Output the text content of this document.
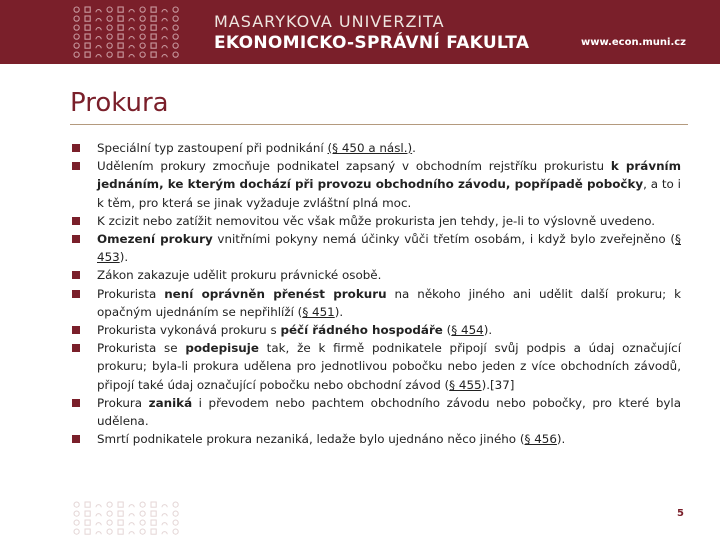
MASARYKOVA UNIVERZITA
EKONOMICKO-SPRÁVNÍ FAKULTA	www.econ.muni.cz
Prokura
Speciální typ zastoupení při podnikání (§ 450 a násl.).
Udělením prokury zmocňuje podnikatel zapsaný v obchodním rejstříku prokuristu k právním jednáním, ke kterým dochází při provozu obchodního závodu, popřípadě pobočky, a to i k těm, pro která se jinak vyžaduje zvláštní plná moc.
K zcizit nebo zatížit nemovitou věc však může prokurista jen tehdy, je-li to výslovně uvedeno.
Omezení prokury vnitřními pokyny nemá účinky vůči třetím osobám, i když bylo zveřejněno (§ 453).
Zákon zakazuje udělit prokuru právnické osobě.
Prokurista není oprávněn přenést prokuru na někoho jiného ani udělit další prokuru; k opačným ujednáním se nepřihlíží (§ 451).
Prokurista vykonává prokuru s péčí řádného hospodáře (§ 454).
Prokurista se podepisuje tak, že k firmě podnikatele připojí svůj podpis a údaj označující prokuru; byla-li prokura udělena pro jednotlivou pobočku nebo jeden z více obchodních závodů, připojí také údaj označující pobočku nebo obchodní závod (§ 455).[37]
Prokura zaniká i převodem nebo pachtem obchodního závodu nebo pobočky, pro které byla udělena.
Smrtí podnikatele prokura nezaniká, ledaže bylo ujednáno něco jiného (§ 456).
5
